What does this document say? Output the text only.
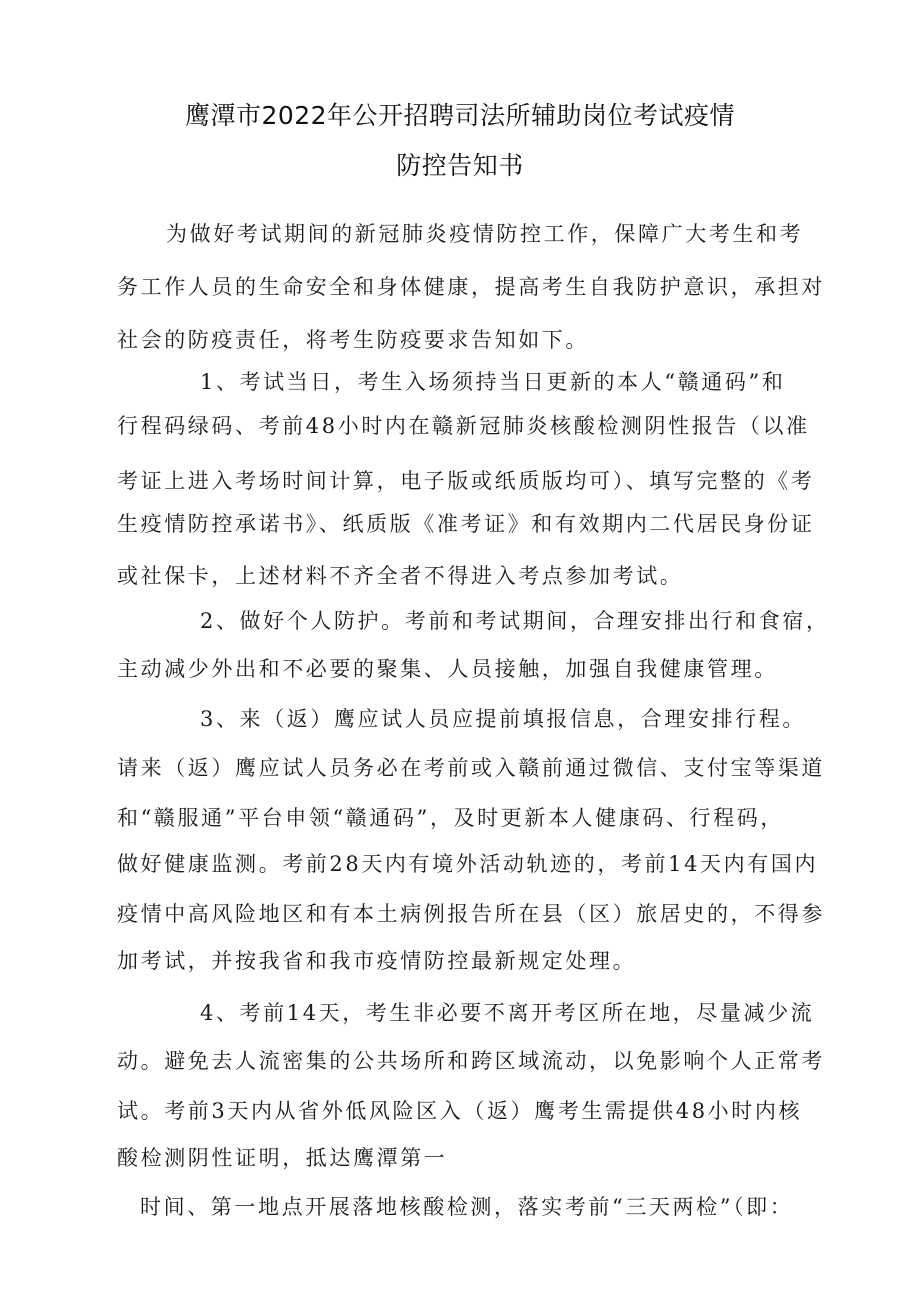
鹰潭市2022年公开招聘司法所辅助岗位考试疫情
防控告知书
为做好考试期间的新冠肺炎疫情防控工作，保障广大考生和考
务工作人员的生命安全和身体健康，提高考生自我防护意识，承担对
社会的防疫责任，将考生防疫要求告知如下。
1、考试当日，考生入场须持当日更新的本人“赣通码”和
行程码绿码、考前48小时内在赣新冠肺炎核酸检测阴性报告（以准
考证上进入考场时间计算，电子版或纸质版均可）、填写完整的《考
生疫情防控承诺书》、纸质版《准考证》和有效期内二代居民身份证
或社保卡，上述材料不齐全者不得进入考点参加考试。
2、做好个人防护。考前和考试期间，合理安排出行和食宿，
主动减少外出和不必要的聚集、人员接触，加强自我健康管理。
3、来（返）鹰应试人员应提前填报信息，合理安排行程。
请来（返）鹰应试人员务必在考前或入赣前通过微信、支付宝等渠道
和“赣服通”平台申领“赣通码”，及时更新本人健康码、行程码，
做好健康监测。考前28天内有境外活动轨迹的，考前14天内有国内
疫情中高风险地区和有本土病例报告所在县（区）旅居史的，不得参
加考试，并按我省和我市疫情防控最新规定处理。
4、考前14天，考生非必要不离开考区所在地，尽量减少流
动。避免去人流密集的公共场所和跨区域流动，以免影响个人正常考
试。考前3天内从省外低风险区入（返）鹰考生需提供48小时内核
酸检测阴性证明，抵达鹰潭第一
时间、第一地点开展落地核酸检测，落实考前“三天两检”（即：
